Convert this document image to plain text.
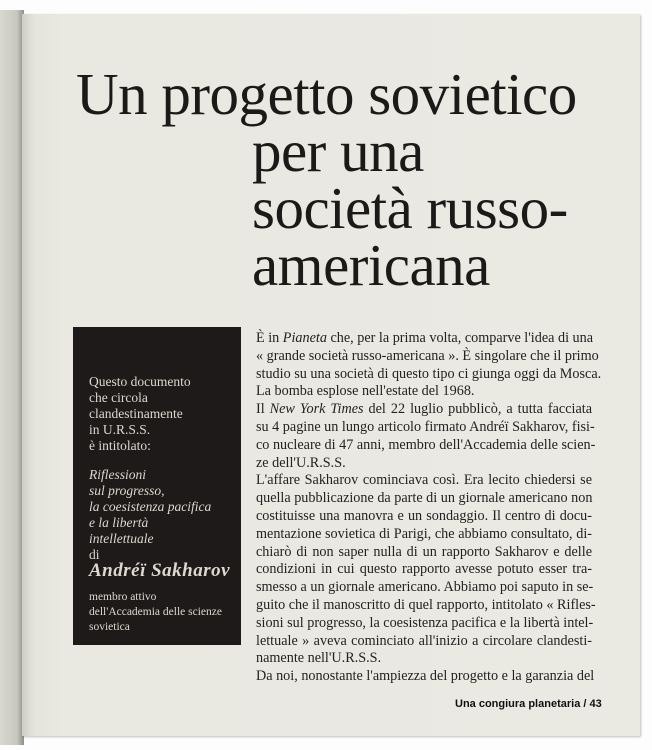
Un progetto sovietico
per una
società russo-
americana
Questo documento
che circola
clandestinamente
in U.R.S.S.
è intitolato:
Riflessioni
sul progresso,
la coesistenza pacifica
e la libertà
intellettuale
di
Andréï Sakharov
membro attivo
dell'Accademia delle scienze
sovietica
È in Pianeta che, per la prima volta, comparve l'idea di una
« grande società russo-americana ». È singolare che il primo
studio su una società di questo tipo ci giunga oggi da Mosca.
La bomba esplose nell'estate del 1968.
Il New York Times del 22 luglio pubblicò, a tutta facciata
su 4 pagine un lungo articolo firmato Andréï Sakharov, fisi-
co nucleare di 47 anni, membro dell'Accademia delle scien-
ze dell'U.R.S.S.
L'affare Sakharov cominciava così. Era lecito chiedersi se
quella pubblicazione da parte di un giornale americano non
costituisse una manovra e un sondaggio. Il centro di docu-
mentazione sovietica di Parigi, che abbiamo consultato, di-
chiarò di non saper nulla di un rapporto Sakharov e delle
condizioni in cui questo rapporto avesse potuto esser tra-
smesso a un giornale americano. Abbiamo poi saputo in se-
guito che il manoscritto di quel rapporto, intitolato « Rifles-
sioni sul progresso, la coesistenza pacifica e la libertà intel-
lettuale » aveva cominciato all'inizio a circolare clandesti-
namente nell'U.R.S.S.
Da noi, nonostante l'ampiezza del progetto e la garanzia del
Una congiura planetaria / 43
